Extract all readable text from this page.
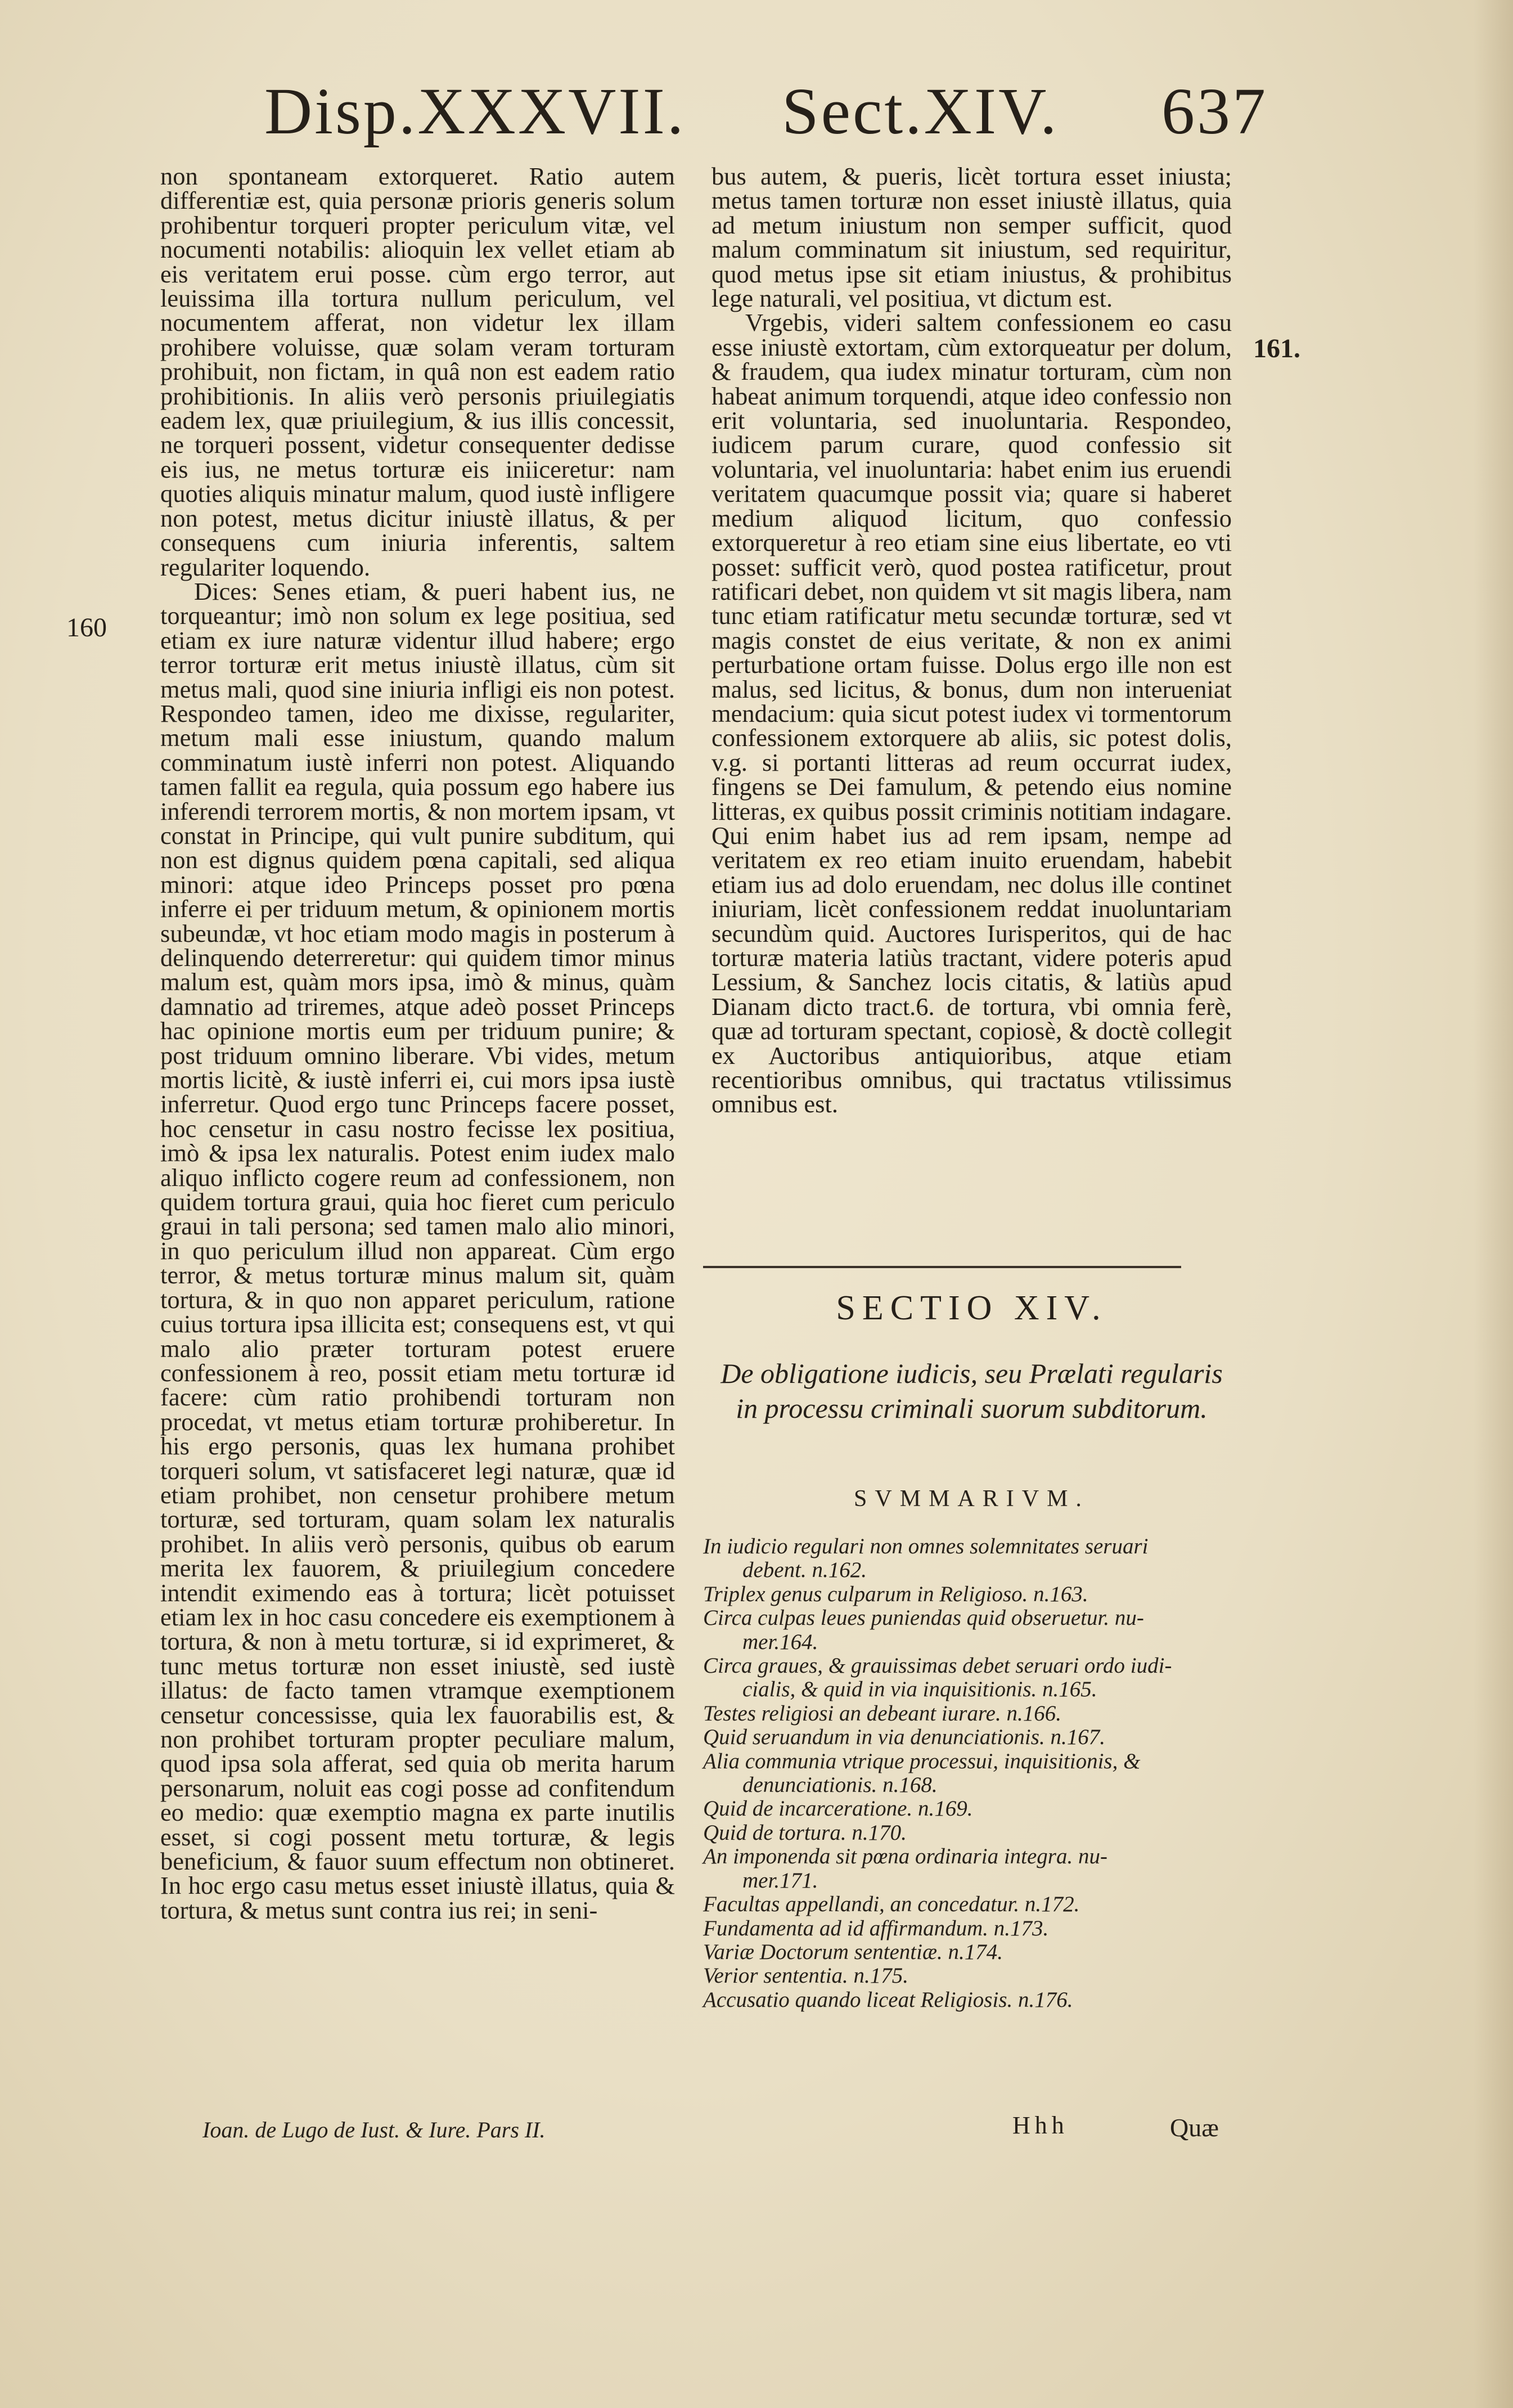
Disp.XXXVII. Sect.XIV. 637
160
161.

non spontaneam extorqueret. Ratio autem differentiæ est, quia personæ prioris generis solum prohibentur torqueri propter periculum vitæ, vel nocumenti notabilis: alioquin lex vellet etiam ab eis veritatem erui posse. cùm ergo terror, aut leuissima illa tortura nullum periculum, vel nocumentem afferat, non videtur lex illam prohibere voluisse, quæ solam veram torturam prohibuit, non fictam, in quâ non est eadem ratio prohibitionis. In aliis verò personis priuilegiatis eadem lex, quæ priuilegium, & ius illis concessit, ne torqueri possent, videtur consequenter dedisse eis ius, ne metus torturæ eis iniiceretur: nam quoties aliquis minatur malum, quod iustè infligere non potest, metus dicitur iniustè illatus, & per consequens cum iniuria inferentis, saltem regulariter loquendo.

Dices: Senes etiam, & pueri habent ius, ne torqueantur; imò non solum ex lege positiua, sed etiam ex iure naturæ videntur illud habere; ergo terror torturæ erit metus iniustè illatus, cùm sit metus mali, quod sine iniuria infligi eis non potest. Respondeo tamen, ideo me dixisse, regulariter, metum mali esse iniustum, quando malum comminatum iustè inferri non potest. Aliquando tamen fallit ea regula, quia possum ego habere ius inferendi terrorem mortis, & non mortem ipsam, vt constat in Principe, qui vult punire subditum, qui non est dignus quidem pœna capitali, sed aliqua minori: atque ideo Princeps posset pro pœna inferre ei per triduum metum, & opinionem mortis subeundæ, vt hoc etiam modo magis in posterum à delinquendo deterreretur: qui quidem timor minus malum est, quàm mors ipsa, imò & minus, quàm damnatio ad triremes, atque adeò posset Princeps hac opinione mortis eum per triduum punire; & post triduum omnino liberare. Vbi vides, metum mortis licitè, & iustè inferri ei, cui mors ipsa iustè inferretur. Quod ergo tunc Princeps facere posset, hoc censetur in casu nostro fecisse lex positiua, imò & ipsa lex naturalis. Potest enim iudex malo aliquo inflicto cogere reum ad confessionem, non quidem tortura graui, quia hoc fieret cum periculo graui in tali persona; sed tamen malo alio minori, in quo periculum illud non appareat. Cùm ergo terror, & metus torturæ minus malum sit, quàm tortura, & in quo non apparet periculum, ratione cuius tortura ipsa illicita est; consequens est, vt qui malo alio præter torturam potest eruere confessionem à reo, possit etiam metu torturæ id facere: cùm ratio prohibendi torturam non procedat, vt metus etiam torturæ prohiberetur. In his ergo personis, quas lex humana prohibet torqueri solum, vt satisfaceret legi naturæ, quæ id etiam prohibet, non censetur prohibere metum torturæ, sed torturam, quam solam lex naturalis prohibet. In aliis verò personis, quibus ob earum merita lex fauorem, & priuilegium concedere intendit eximendo eas à tortura; licèt potuisset etiam lex in hoc casu concedere eis exemptionem à tortura, & non à metu torturæ, si id exprimeret, & tunc metus torturæ non esset iniustè, sed iustè illatus: de facto tamen vtramque exemptionem censetur concessisse, quia lex fauorabilis est, & non prohibet torturam propter peculiare malum, quod ipsa sola afferat, sed quia ob merita harum personarum, noluit eas cogi posse ad confitendum eo medio: quæ exemptio magna ex parte inutilis esset, si cogi possent metu torturæ, & legis beneficium, & fauor suum effectum non obtineret. In hoc ergo casu metus esset iniustè illatus, quia & tortura, & metus sunt contra ius rei; in seni-

Ioan. de Lugo de Iust. & Iure. Pars II.

bus autem, & pueris, licèt tortura esset iniusta; metus tamen torturæ non esset iniustè illatus, quia ad metum iniustum non semper sufficit, quod malum comminatum sit iniustum, sed requiritur, quod metus ipse sit etiam iniustus, & prohibitus lege naturali, vel positiua, vt dictum est.

Vrgebis, videri saltem confessionem eo casu esse iniustè extortam, cùm extorqueatur per dolum, & fraudem, qua iudex minatur torturam, cùm non habeat animum torquendi, atque ideo confessio non erit voluntaria, sed inuoluntaria. Respondeo, iudicem parum curare, quod confessio sit voluntaria, vel inuoluntaria: habet enim ius eruendi veritatem quacumque possit via; quare si haberet medium aliquod licitum, quo confessio extorqueretur à reo etiam sine eius libertate, eo vti posset: sufficit verò, quod postea ratificetur, prout ratificari debet, non quidem vt sit magis libera, nam tunc etiam ratificatur metu secundæ torturæ, sed vt magis constet de eius veritate, & non ex animi perturbatione ortam fuisse. Dolus ergo ille non est malus, sed licitus, & bonus, dum non interueniat mendacium: quia sicut potest iudex vi tormentorum confessionem extorquere ab aliis, sic potest dolis, v.g. si portanti litteras ad reum occurrat iudex, fingens se Dei famulum, & petendo eius nomine litteras, ex quibus possit criminis notitiam indagare. Qui enim habet ius ad rem ipsam, nempe ad veritatem ex reo etiam inuito eruendam, habebit etiam ius ad dolo eruendam, nec dolus ille continet iniuriam, licèt confessionem reddat inuoluntariam secundùm quid. Auctores Iurisperitos, qui de hac torturæ materia latiùs tractant, videre poteris apud Lessium, & Sanchez locis citatis, & latiùs apud Dianam dicto tract.6. de tortura, vbi omnia ferè, quæ ad torturam spectant, copiosè, & doctè collegit ex Auctoribus antiquioribus, atque etiam recentioribus omnibus, qui tractatus vtilissimus omnibus est.

SECTIO XIV.
De obligatione iudicis, seu Prælati regularis in processu criminali suorum subditorum.
SVMMARIVM.
In iudicio regulari non omnes solemnitates seruari
debent. n.162.
Triplex genus culparum in Religioso. n.163.
Circa culpas leues puniendas quid obseruetur. nu-
mer.164.
Circa graues, & grauissimas debet seruari ordo iudi-
cialis, & quid in via inquisitionis. n.165.
Testes religiosi an debeant iurare. n.166.
Quid seruandum in via denunciationis. n.167.
Alia communia vtrique processui, inquisitionis, &
denunciationis. n.168.
Quid de incarceratione. n.169.
Quid de tortura. n.170.
An imponenda sit pœna ordinaria integra. nu-
mer.171.
Facultas appellandi, an concedatur. n.172.
Fundamenta ad id affirmandum. n.173.
Variæ Doctorum sententiæ. n.174.
Verior sententia. n.175.
Accusatio quando liceat Religiosis. n.176.
Hhh	Quæ
